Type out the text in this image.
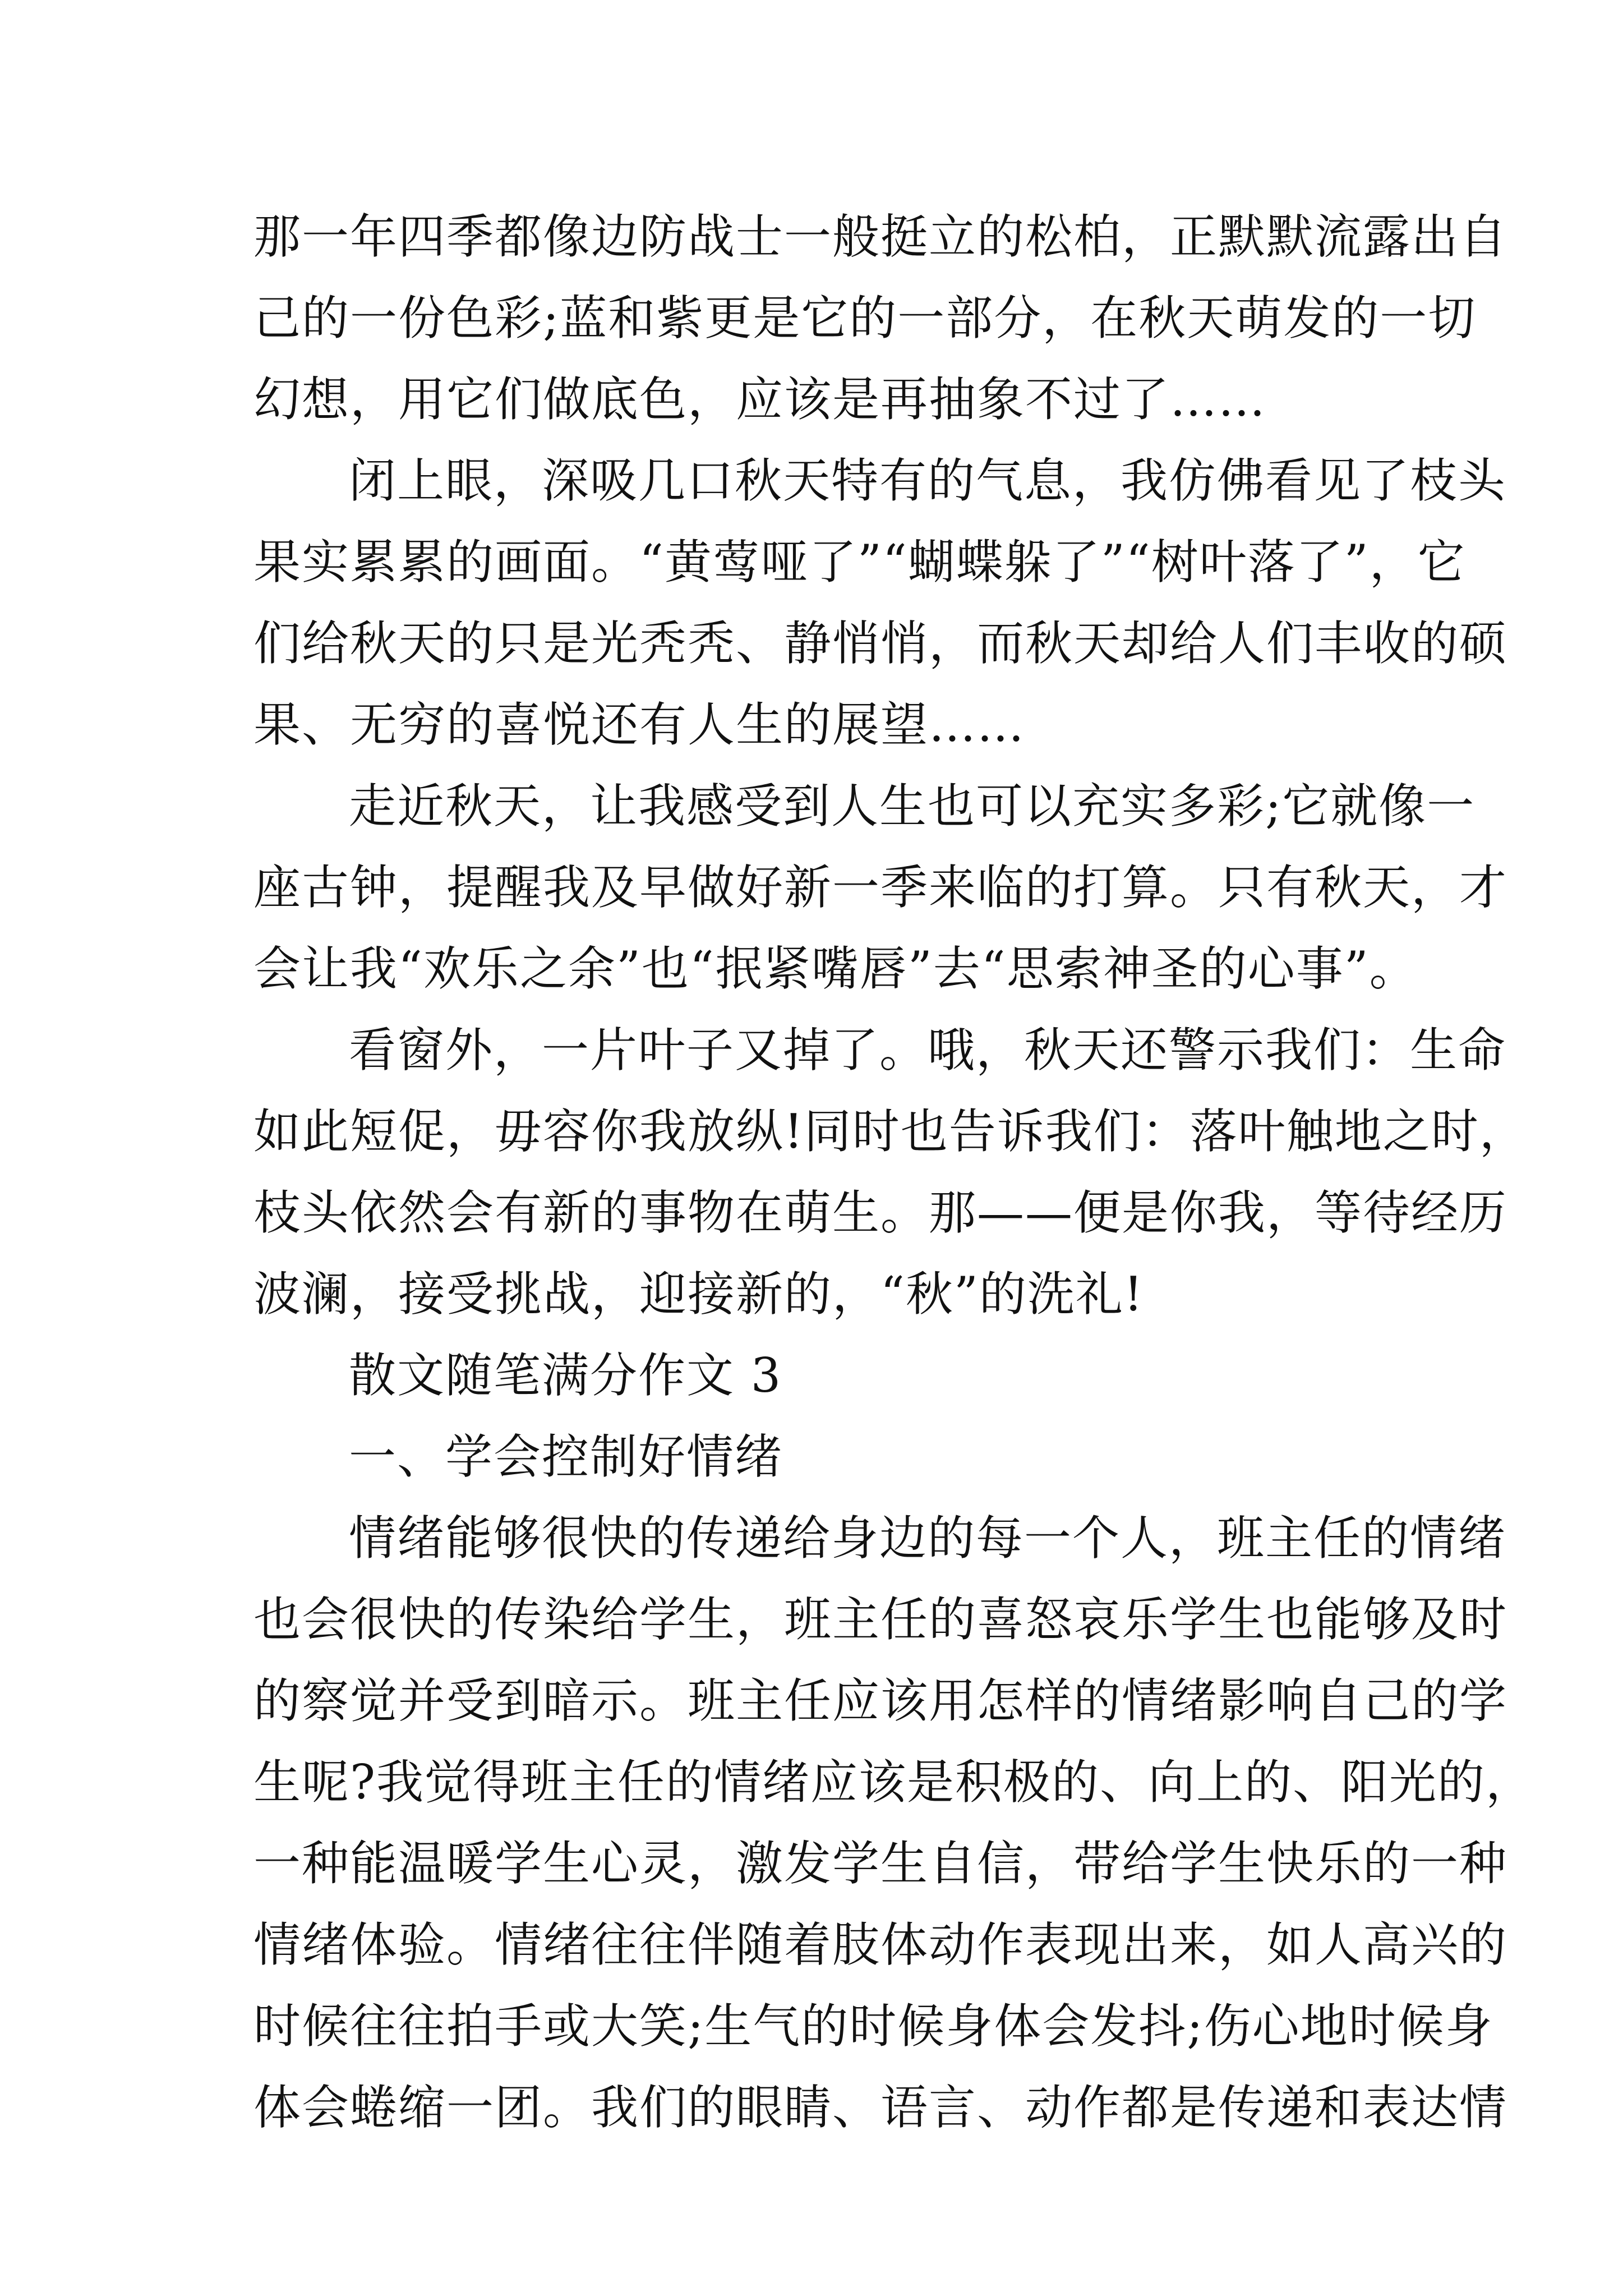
那一年四季都像边防战士一般挺立的松柏，正默默流露出自
己的一份色彩;蓝和紫更是它的一部分，在秋天萌发的一切
幻想，用它们做底色，应该是再抽象不过了……
闭上眼，深吸几口秋天特有的气息，我仿佛看见了枝头
果实累累的画面。“黄莺哑了”“蝴蝶躲了”“树叶落了”，它
们给秋天的只是光秃秃、静悄悄，而秋天却给人们丰收的硕
果、无穷的喜悦还有人生的展望……
走近秋天，让我感受到人生也可以充实多彩;它就像一
座古钟，提醒我及早做好新一季来临的打算。只有秋天，才
会让我“欢乐之余”也“抿紧嘴唇”去“思索神圣的心事”。
看窗外，一片叶子又掉了。哦，秋天还警示我们：生命
如此短促，毋容你我放纵!同时也告诉我们：落叶触地之时，
枝头依然会有新的事物在萌生。那——便是你我，等待经历
波澜，接受挑战，迎接新的，“秋”的洗礼!
散文随笔满分作文 3
一、学会控制好情绪
情绪能够很快的传递给身边的每一个人，班主任的情绪
也会很快的传染给学生，班主任的喜怒哀乐学生也能够及时
的察觉并受到暗示。班主任应该用怎样的情绪影响自己的学
生呢?我觉得班主任的情绪应该是积极的、向上的、阳光的，
一种能温暖学生心灵，激发学生自信，带给学生快乐的一种
情绪体验。情绪往往伴随着肢体动作表现出来，如人高兴的
时候往往拍手或大笑;生气的时候身体会发抖;伤心地时候身
体会蜷缩一团。我们的眼睛、语言、动作都是传递和表达情
